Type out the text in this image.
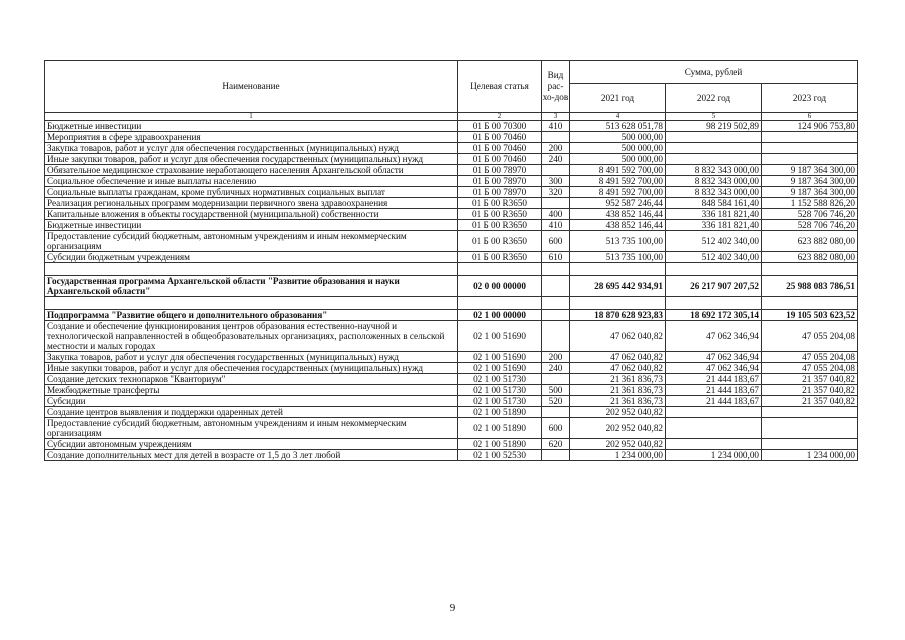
Наименование	Целевая статья	Вид рас-хо-дов	Сумма, рублей		
			2021 год	2022 год	2023 год
1	2	3	4	5	6
Бюджетные инвестиции	01 Б 00 70300	410	513 628 051,78	98 219 502,89	124 906 753,80
Мероприятия в сфере здравоохранения	01 Б 00 70460		500 000,00		
Закупка товаров, работ и услуг для обеспечения государственных (муниципальных) нужд	01 Б 00 70460	200	500 000,00		
Иные закупки товаров, работ и услуг для обеспечения государственных (муниципальных) нужд	01 Б 00 70460	240	500 000,00		
Обязательное медицинское страхование неработающего населения Архангельской области	01 Б 00 78970		8 491 592 700,00	8 832 343 000,00	9 187 364 300,00
Социальное обеспечение и иные выплаты населению	01 Б 00 78970	300	8 491 592 700,00	8 832 343 000,00	9 187 364 300,00
Социальные выплаты гражданам, кроме публичных нормативных социальных выплат	01 Б 00 78970	320	8 491 592 700,00	8 832 343 000,00	9 187 364 300,00
Реализация региональных программ модернизации первичного звена здравоохранения	01 Б 00 R3650		952 587 246,44	848 584 161,40	1 152 588 826,20
Капитальные вложения в объекты государственной (муниципальной) собственности	01 Б 00 R3650	400	438 852 146,44	336 181 821,40	528 706 746,20
Бюджетные инвестиции	01 Б 00 R3650	410	438 852 146,44	336 181 821,40	528 706 746,20
Предоставление субсидий бюджетным, автономным учреждениям и иным некоммерческим организациям	01 Б 00 R3650	600	513 735 100,00	512 402 340,00	623 882 080,00
Субсидии бюджетным учреждениям	01 Б 00 R3650	610	513 735 100,00	512 402 340,00	623 882 080,00

Государственная программа Архангельской области "Развитие образования и науки Архангельской области"	02 0 00 00000		28 695 442 934,91	26 217 907 207,52	25 988 083 786,51

Подпрограмма "Развитие общего и дополнительного образования"	02 1 00 00000		18 870 628 923,83	18 692 172 305,14	19 105 503 623,52
Создание и обеспечение функционирования центров образования естественно-научной и технологической направленностей в общеобразовательных организациях, расположенных в сельской местности и малых городах	02 1 00 51690		47 062 040,82	47 062 346,94	47 055 204,08
Закупка товаров, работ и услуг для обеспечения государственных (муниципальных) нужд	02 1 00 51690	200	47 062 040,82	47 062 346,94	47 055 204,08
Иные закупки товаров, работ и услуг для обеспечения государственных (муниципальных) нужд	02 1 00 51690	240	47 062 040,82	47 062 346,94	47 055 204,08
Создание детских технопарков "Кванториум"	02 1 00 51730		21 361 836,73	21 444 183,67	21 357 040,82
Межбюджетные трансферты	02 1 00 51730	500	21 361 836,73	21 444 183,67	21 357 040,82
Субсидии	02 1 00 51730	520	21 361 836,73	21 444 183,67	21 357 040,82
Создание центров выявления и поддержки одаренных детей	02 1 00 51890		202 952 040,82		
Предоставление субсидий бюджетным, автономным учреждениям и иным некоммерческим организациям	02 1 00 51890	600	202 952 040,82		
Субсидии автономным учреждениям	02 1 00 51890	620	202 952 040,82		
Создание дополнительных мест для детей в возрасте от 1,5 до 3 лет любой	02 1 00 52530		1 234 000,00	1 234 000,00	1 234 000,00
9
